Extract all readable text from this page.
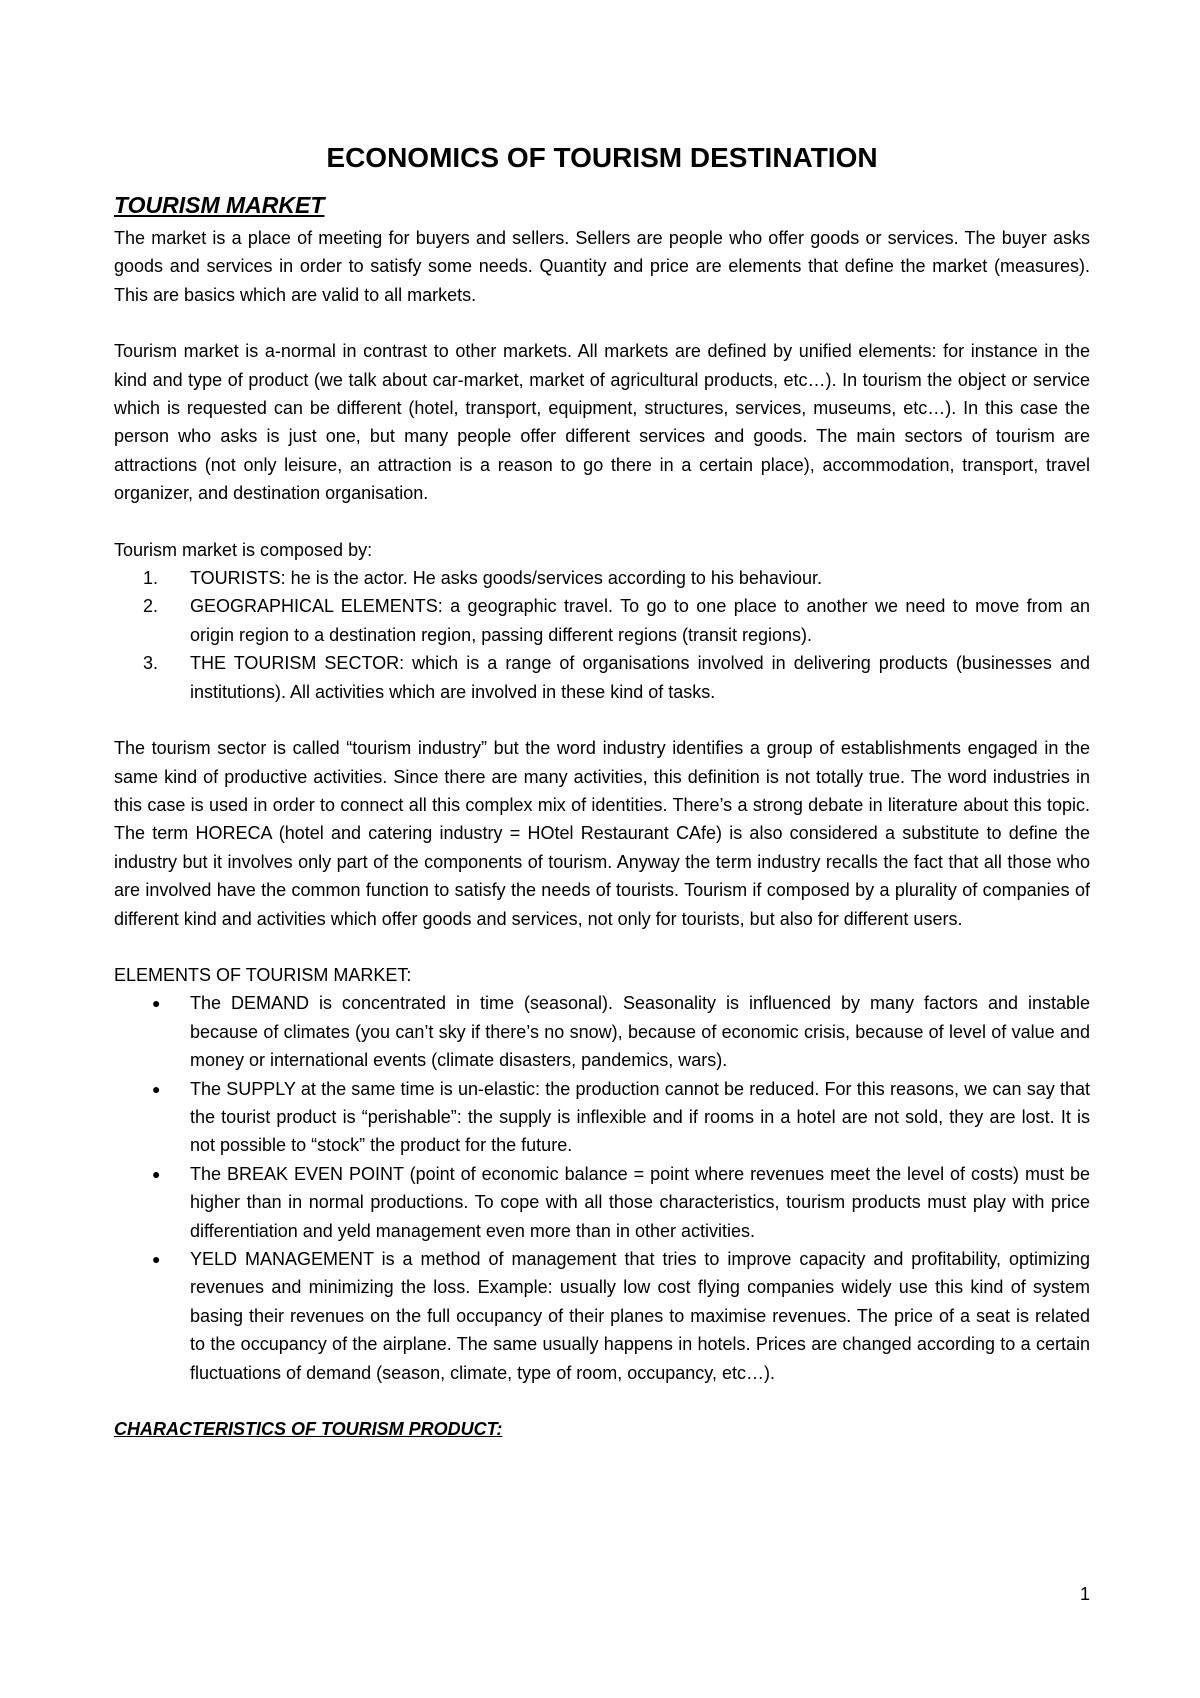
ECONOMICS OF TOURISM DESTINATION
TOURISM MARKET

The market is a place of meeting for buyers and sellers. Sellers are people who offer goods or services. The buyer asks goods and services in order to satisfy some needs. Quantity and price are elements that define the market (measures). This are basics which are valid to all markets.

Tourism market is a-normal in contrast to other markets. All markets are defined by unified elements: for instance in the kind and type of product (we talk about car-market, market of agricultural products, etc…). In tourism the object or service which is requested can be different (hotel, transport, equipment, structures, services, museums, etc…). In this case the person who asks is just one, but many people offer different services and goods. The main sectors of tourism are attractions (not only leisure, an attraction is a reason to go there in a certain place), accommodation, transport, travel organizer, and destination organisation.

Tourism market is composed by:

1. TOURISTS: he is the actor. He asks goods/services according to his behaviour.
2. GEOGRAPHICAL ELEMENTS: a geographic travel. To go to one place to another we need to move from an origin region to a destination region, passing different regions (transit regions).
3. THE TOURISM SECTOR: which is a range of organisations involved in delivering products (businesses and institutions). All activities which are involved in these kind of tasks.

The tourism sector is called “tourism industry” but the word industry identifies a group of establishments engaged in the same kind of productive activities. Since there are many activities, this definition is not totally true. The word industries in this case is used in order to connect all this complex mix of identities. There’s a strong debate in literature about this topic. The term HORECA (hotel and catering industry = HOtel Restaurant CAfe) is also considered a substitute to define the industry but it involves only part of the components of tourism. Anyway the term industry recalls the fact that all those who are involved have the common function to satisfy the needs of tourists. Tourism if composed by a plurality of companies of different kind and activities which offer goods and services, not only for tourists, but also for different users.

ELEMENTS OF TOURISM MARKET:

● The DEMAND is concentrated in time (seasonal). Seasonality is influenced by many factors and instable because of climates (you can’t sky if there’s no snow), because of economic crisis, because of level of value and money or international events (climate disasters, pandemics, wars).
● The SUPPLY at the same time is un-elastic: the production cannot be reduced. For this reasons, we can say that the tourist product is “perishable”: the supply is inflexible and if rooms in a hotel are not sold, they are lost. It is not possible to “stock” the product for the future.
● The BREAK EVEN POINT (point of economic balance = point where revenues meet the level of costs) must be higher than in normal productions. To cope with all those characteristics, tourism products must play with price differentiation and yeld management even more than in other activities.
● YELD MANAGEMENT is a method of management that tries to improve capacity and profitability, optimizing revenues and minimizing the loss. Example: usually low cost flying companies widely use this kind of system basing their revenues on the full occupancy of their planes to maximise revenues. The price of a seat is related to the occupancy of the airplane. The same usually happens in hotels. Prices are changed according to a certain fluctuations of demand (season, climate, type of room, occupancy, etc…).

CHARACTERISTICS OF TOURISM PRODUCT:

1
